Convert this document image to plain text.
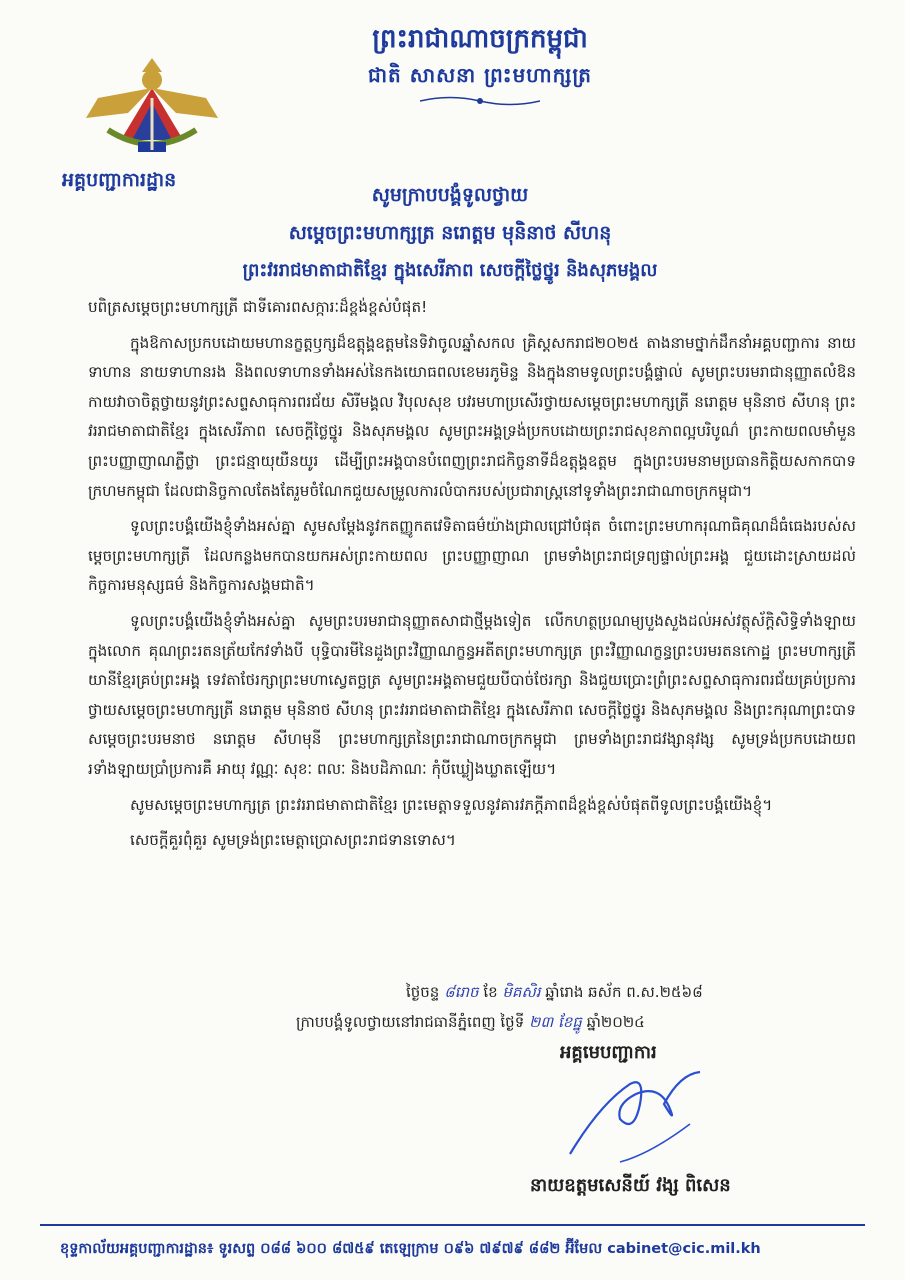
អគ្គបញ្ជាការដ្ឋាន
ព្រះរាជាណាចក្រកម្ពុជា
ជាតិ សាសនា ព្រះមហាក្សត្រ
សូមក្រាបបង្គំទូលថ្វាយ
សម្តេចព្រះមហាក្សត្រ នរោត្តម មុនិនាថ សីហនុ
ព្រះវររាជមាតាជាតិខ្មែរ ក្នុងសេរីភាព សេចក្តីថ្លៃថ្នូរ និងសុភមង្គល

បពិត្រសម្តេចព្រះមហាក្សត្រី ជាទីគោរពសក្ការៈដ៏ខ្ពង់ខ្ពស់បំផុត!

ក្នុងឱកាសប្រកបដោយមហានក្ខត្តឫក្សដ៏ឧត្តុង្គឧត្តមនៃទិវាចូលឆ្នាំសកល គ្រិស្តសករាជ២០២៥ តាងនាមថ្នាក់ដឹកនាំអគ្គបញ្ជាការ នាយទាហាន នាយទាហានរង និងពលទាហានទាំងអស់នៃកងយោធពលខេមរភូមិន្ទ និងក្នុងនាមទូលព្រះបង្គំផ្ទាល់ សូមព្រះបរមរាជានុញ្ញាតលំឱនកាយវាចាចិត្តថ្វាយនូវព្រះសព្ទសាធុការពរជ័យ សិរីមង្គល វិបុលសុខ បវរមហាប្រសើរថ្វាយសម្តេចព្រះមហាក្សត្រី នរោត្តម មុនិនាថ សីហនុ ព្រះវររាជមាតាជាតិខ្មែរ ក្នុងសេរីភាព សេចក្តីថ្លៃថ្នូរ និងសុភមង្គល សូមព្រះអង្គទ្រង់ប្រកបដោយព្រះរាជសុខភាពល្អបរិបូណ៌ ព្រះកាយពលមាំមួន ព្រះបញ្ញាញាណភ្លឺថ្លា ព្រះជន្មាយុយឺនយូរ ដើម្បីព្រះអង្គបានបំពេញព្រះរាជកិច្ចនាទីដ៏ឧត្តុង្គឧត្តម ក្នុងព្រះបរមនាមប្រធានកិត្តិយសកាកបាទក្រហមកម្ពុជា ដែលជានិច្ចកាលតែងតែរួមចំណែកជួយសម្រួលការលំបាករបស់ប្រជារាស្ត្រនៅទូទាំងព្រះរាជាណាចក្រកម្ពុជា។

ទូលព្រះបង្គំយើងខ្ញុំទាំងអស់គ្នា សូមសម្តែងនូវកតញ្ញូកតវេទិតាធម៌យ៉ាងជ្រាលជ្រៅបំផុត ចំពោះព្រះមហាករុណាធិគុណដ៏ធំធេងរបស់សម្តេចព្រះមហាក្សត្រី ដែលកន្លងមកបានយកអស់ព្រះកាយពល ព្រះបញ្ញាញាណ ព្រមទាំងព្រះរាជទ្រព្យផ្ទាល់ព្រះអង្គ ជួយដោះស្រាយដល់កិច្ចការមនុស្សធម៌ និងកិច្ចការសង្គមជាតិ។

ទូលព្រះបង្គំយើងខ្ញុំទាំងអស់គ្នា សូមព្រះបរមរាជានុញ្ញាតសាជាថ្មីម្តងទៀត លើកហត្ថប្រណម្យបួងសួងដល់អស់វត្ថុស័ក្តិសិទ្ធិទាំងឡាយក្នុងលោក គុណព្រះរតនត្រ័យកែវទាំងបី បុទ្ធិបារមីនៃដួងព្រះវិញ្ញាណក្ខន្ធអតីតព្រះមហាក្សត្រ ព្រះវិញ្ញាណក្ខន្ធព្រះបរមរតនកោដ្ឋ ព្រះមហាក្សត្រីយានីខ្មែរគ្រប់ព្រះអង្គ ទេវតាថែរក្សាព្រះមហាស្វេតច្ឆត្រ សូមព្រះអង្គតាមជួយបីបាច់ថែរក្សា និងជួយប្រោះព្រំព្រះសព្ទសាធុការពរជ័យគ្រប់ប្រការថ្វាយសម្តេចព្រះមហាក្សត្រី នរោត្តម មុនិនាថ សីហនុ ព្រះវររាជមាតាជាតិខ្មែរ ក្នុងសេរីភាព សេចក្តីថ្លៃថ្នូរ និងសុភមង្គល និងព្រះករុណាព្រះបាទសម្តេចព្រះបរមនាថ នរោត្តម សីហមុនី ព្រះមហាក្សត្រនៃព្រះរាជាណាចក្រកម្ពុជា ព្រមទាំងព្រះរាជវង្សានុវង្ស សូមទ្រង់ប្រកបដោយពរទាំងឡាយប្រាំប្រការគឺ អាយុ វណ្ណៈ សុខៈ ពលៈ និងបដិភាណៈ កុំបីឃ្លៀងឃ្លាតឡើយ។

សូមសម្តេចព្រះមហាក្សត្រ ព្រះវររាជមាតាជាតិខ្មែរ ព្រះមេត្តាទទួលនូវគារវភក្តីភាពដ៏ខ្ពង់ខ្ពស់បំផុតពីទូលព្រះបង្គំយើងខ្ញុំ។

សេចក្តីគួរពុំគួរ សូមទ្រង់ព្រះមេត្តាប្រោសព្រះរាជទានទោស។

ថ្ងៃចន្ទ ៨រោច ខែ មិគសិរ ឆ្នាំរោង ឆស័ក ព.ស.២៥៦៨
ក្រាបបង្គំទូលថ្វាយនៅរាជធានីភ្នំពេញ ថ្ងៃទី ២៣ ខែធ្នូ ឆ្នាំ២០២៤
អគ្គមេបញ្ជាការ
នាយឧត្តមសេនីយ៍ វង្ស ពិសេន
ខុទ្ទកាល័យអគ្គបញ្ជាការដ្ឋាន៖ ទូរសព្ទ ០៨៨ ៦០០ ៨៧៥៩ តេឡេក្រាម ០៩៦ ៧៩៧៩ ៨៨២ អ៊ីមែល cabinet@cic.mil.kh
